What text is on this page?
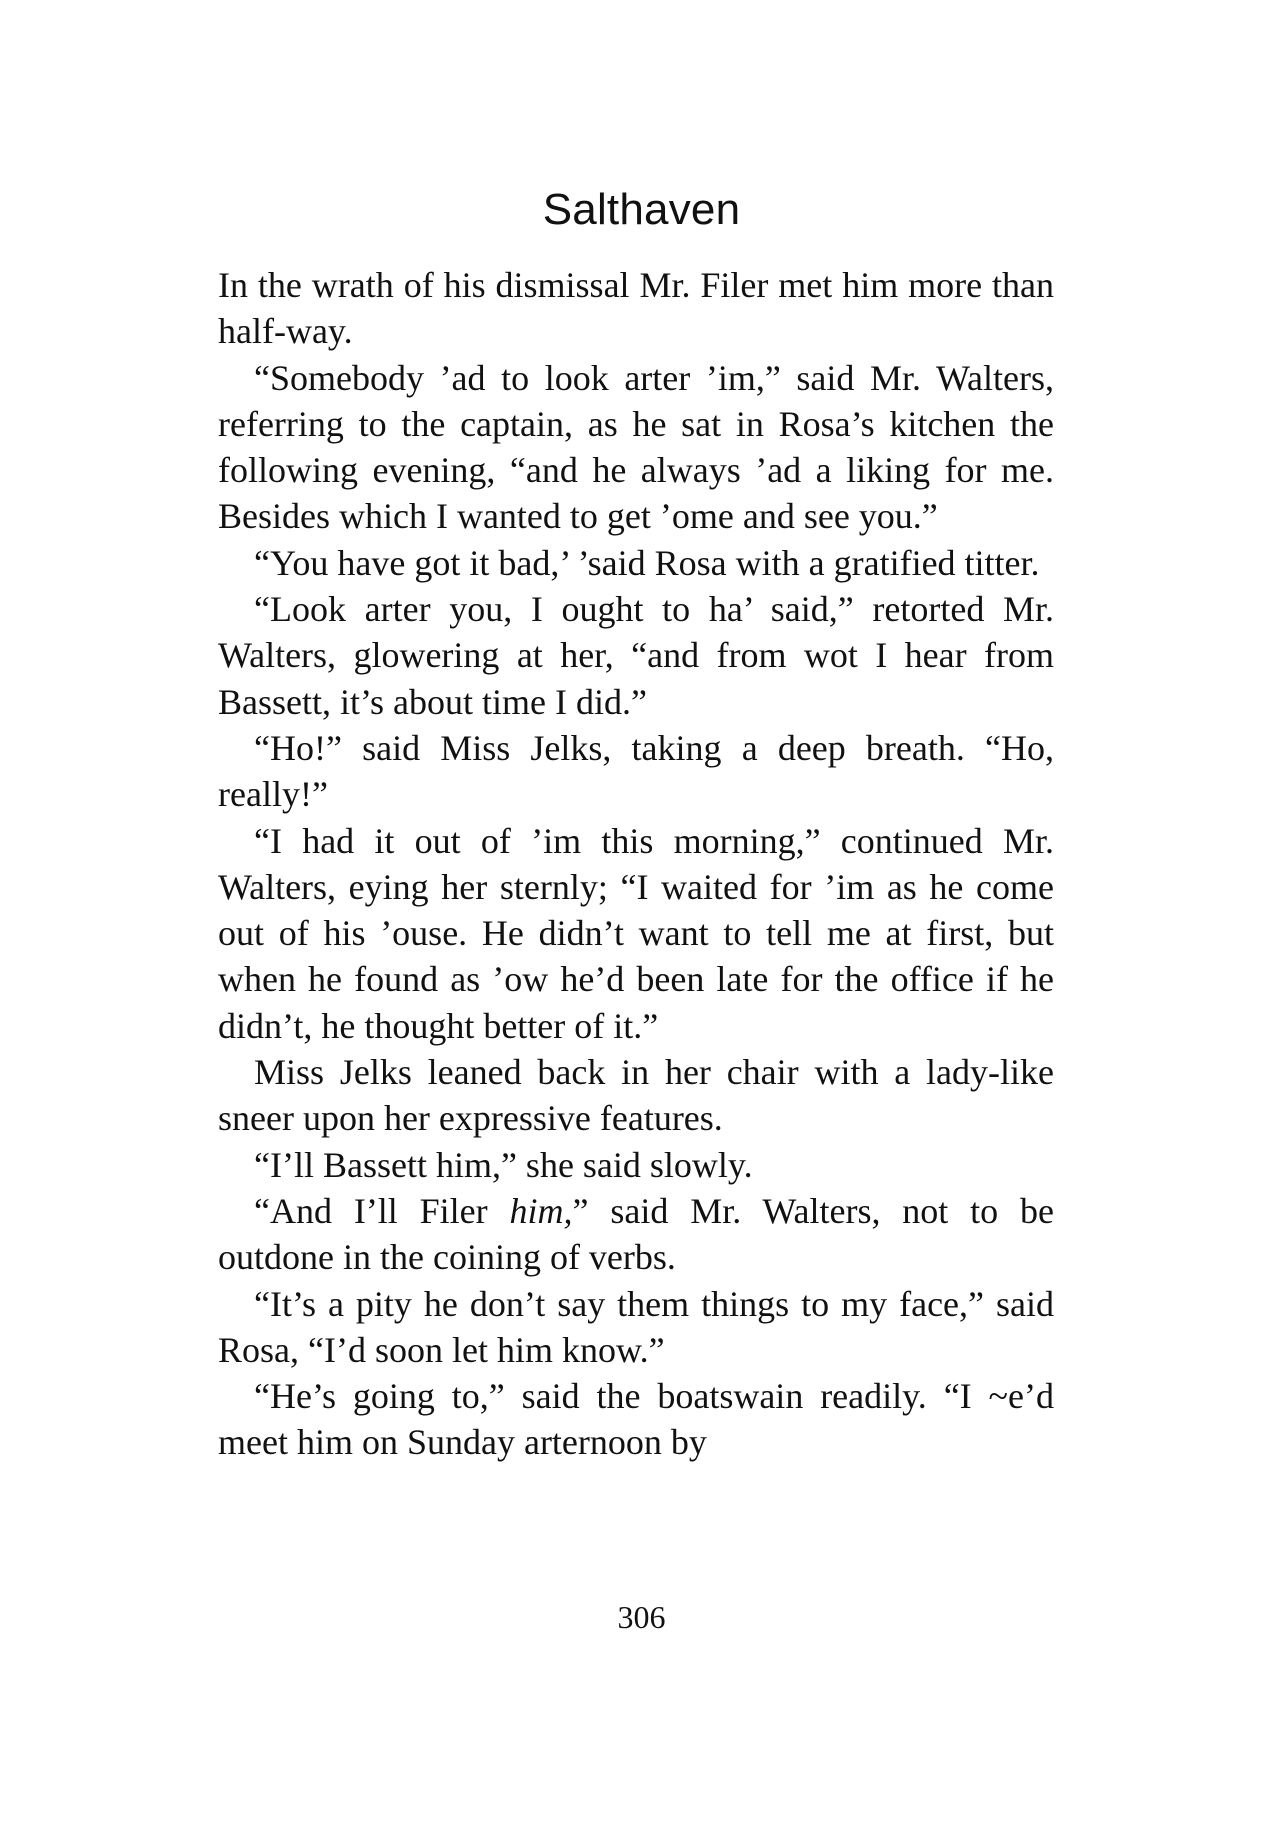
Salthaven

In the wrath of his dismissal Mr. Filer met him more than half-way.

“Somebody ’ad to look arter ’im,” said Mr. Walters, referring to the captain, as he sat in Rosa’s kitchen the following evening, “and he always ’ad a liking for me. Besides which I wanted to get ’ome and see you.”

“You have got it bad,’ ’said Rosa with a gratified titter.

“Look arter you, I ought to ha’ said,” retorted Mr. Walters, glowering at her, “and from wot I hear from Bassett, it’s about time I did.”

“Ho!” said Miss Jelks, taking a deep breath. “Ho, really!”

“I had it out of ’im this morning,” continued Mr. Walters, eying her sternly; “I waited for ’im as he come out of his ’ouse. He didn’t want to tell me at first, but when he found as ’ow he’d been late for the office if he didn’t, he thought better of it.”

Miss Jelks leaned back in her chair with a lady-like sneer upon her expressive features.

“I’ll Bassett him,” she said slowly.

“And I’ll Filer him,” said Mr. Walters, not to be outdone in the coining of verbs.

“It’s a pity he don’t say them things to my face,” said Rosa, “I’d soon let him know.”

“He’s going to,” said the boatswain readily. “I ~e’d meet him on Sunday arternoon by

306
